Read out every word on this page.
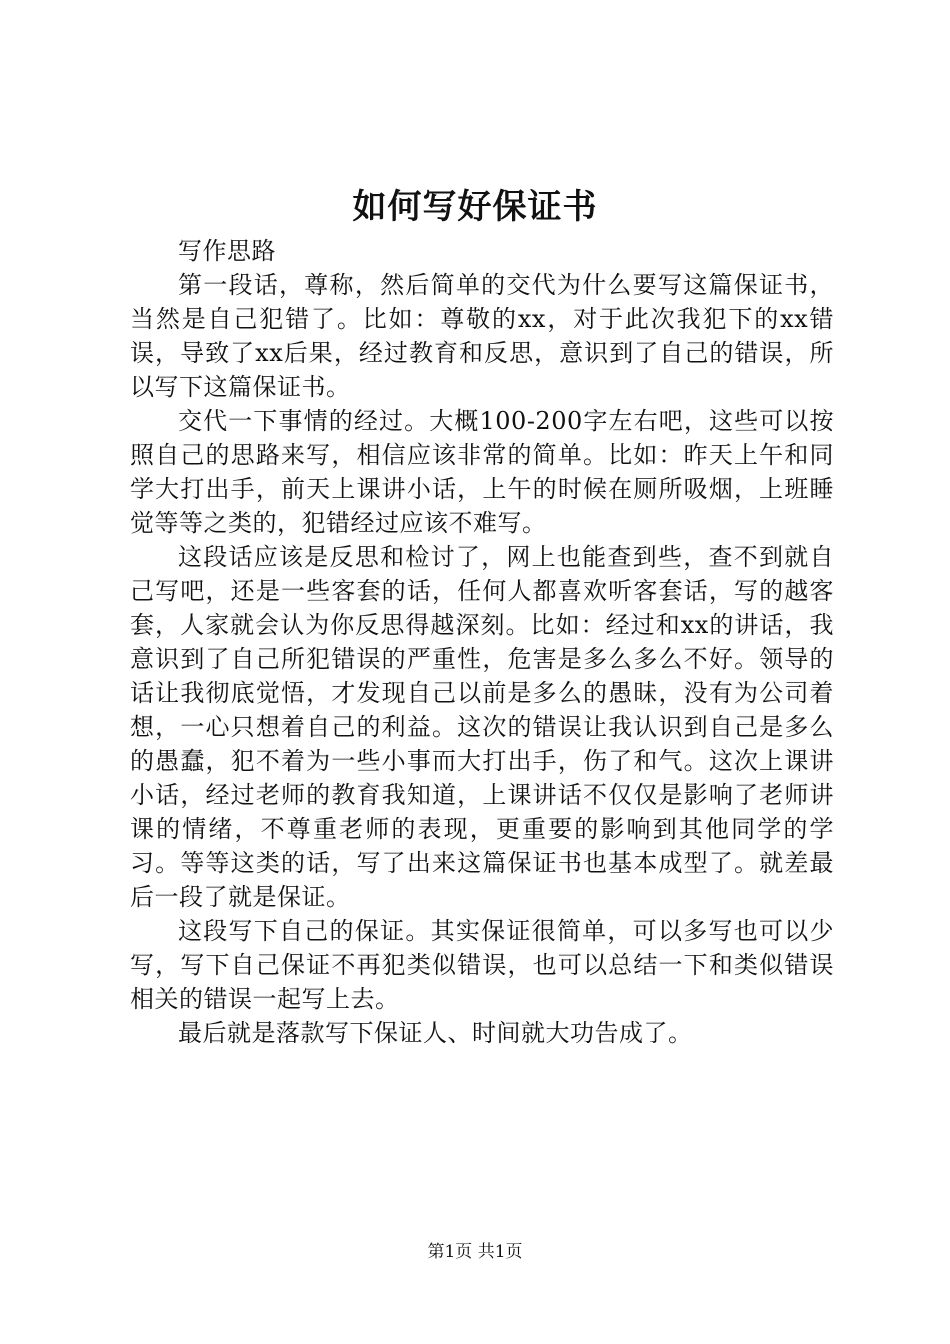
如何写好保证书

写作思路

第一段话，尊称，然后简单的交代为什么要写这篇保证书，当然是自己犯错了。比如：尊敬的xx，对于此次我犯下的xx错误，导致了xx后果，经过教育和反思，意识到了自己的错误，所以写下这篇保证书。

交代一下事情的经过。大概100-200字左右吧，这些可以按照自己的思路来写，相信应该非常的简单。比如：昨天上午和同学大打出手，前天上课讲小话，上午的时候在厕所吸烟，上班睡觉等等之类的，犯错经过应该不难写。

这段话应该是反思和检讨了，网上也能查到些，查不到就自己写吧，还是一些客套的话，任何人都喜欢听客套话，写的越客套，人家就会认为你反思得越深刻。比如：经过和xx的讲话，我意识到了自己所犯错误的严重性，危害是多么多么不好。领导的话让我彻底觉悟，才发现自己以前是多么的愚昧，没有为公司着想，一心只想着自己的利益。这次的错误让我认识到自己是多么的愚蠢，犯不着为一些小事而大打出手，伤了和气。这次上课讲小话，经过老师的教育我知道，上课讲话不仅仅是影响了老师讲课的情绪，不尊重老师的表现，更重要的影响到其他同学的学习。等等这类的话，写了出来这篇保证书也基本成型了。就差最后一段了就是保证。

这段写下自己的保证。其实保证很简单，可以多写也可以少写，写下自己保证不再犯类似错误，也可以总结一下和类似错误相关的错误一起写上去。

最后就是落款写下保证人、时间就大功告成了。

第1页 共1页
